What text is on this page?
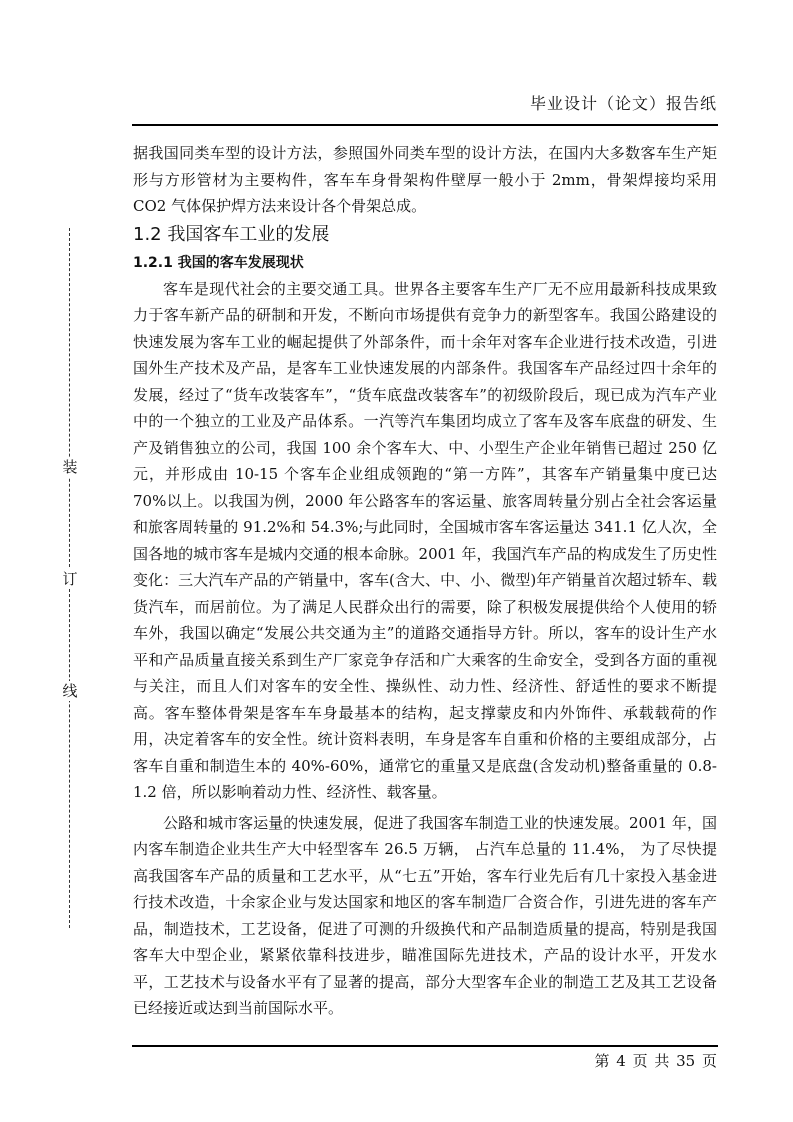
毕业设计（论文）报告纸
装
订
线

据我国同类车型的设计方法，参照国外同类车型的设计方法，在国内大多数客车生产矩形与方形管材为主要构件，客车车身骨架构件壁厚一般小于 2mm，骨架焊接均采用 CO2 气体保护焊方法来设计各个骨架总成。

1.2 我国客车工业的发展

1.2.1 我国的客车发展现状

客车是现代社会的主要交通工具。世界各主要客车生产厂无不应用最新科技成果致力于客车新产品的研制和开发，不断向市场提供有竞争力的新型客车。我国公路建设的快速发展为客车工业的崛起提供了外部条件，而十余年对客车企业进行技术改造，引进国外生产技术及产品，是客车工业快速发展的内部条件。我国客车产品经过四十余年的发展，经过了“货车改装客车”，“货车底盘改装客车”的初级阶段后，现已成为汽车产业中的一个独立的工业及产品体系。一汽等汽车集团均成立了客车及客车底盘的研发、生产及销售独立的公司，我国 100 余个客车大、中、小型生产企业年销售已超过 250 亿元，并形成由 10-15 个客车企业组成领跑的“第一方阵”，其客车产销量集中度已达 70%以上。以我国为例，2000 年公路客车的客运量、旅客周转量分别占全社会客运量和旅客周转量的 91.2%和 54.3%;与此同时，全国城市客车客运量达 341.1 亿人次，全国各地的城市客车是城内交通的根本命脉。2001 年，我国汽车产品的构成发生了历史性变化：三大汽车产品的产销量中，客车(含大、中、小、微型)年产销量首次超过轿车、载货汽车，而居前位。为了满足人民群众出行的需要，除了积极发展提供给个人使用的轿车外，我国以确定“发展公共交通为主”的道路交通指导方针。所以，客车的设计生产水平和产品质量直接关系到生产厂家竞争存活和广大乘客的生命安全，受到各方面的重视与关注，而且人们对客车的安全性、操纵性、动力性、经济性、舒适性的要求不断提高。客车整体骨架是客车车身最基本的结构，起支撑蒙皮和内外饰件、承载载荷的作用，决定着客车的安全性。统计资料表明，车身是客车自重和价格的主要组成部分，占客车自重和制造生本的 40%-60%，通常它的重量又是底盘(含发动机)整备重量的 0.8-1.2 倍，所以影响着动力性、经济性、载客量。

公路和城市客运量的快速发展，促进了我国客车制造工业的快速发展。2001 年，国内客车制造企业共生产大中轻型客车 26.5 万辆， 占汽车总量的 11.4%， 为了尽快提高我国客车产品的质量和工艺水平，从“七五”开始，客车行业先后有几十家投入基金进行技术改造，十余家企业与发达国家和地区的客车制造厂合资合作，引进先进的客车产品，制造技术，工艺设备，促进了可测的升级换代和产品制造质量的提高，特别是我国客车大中型企业，紧紧依靠科技进步，瞄准国际先进技术，产品的设计水平，开发水平，工艺技术与设备水平有了显著的提高，部分大型客车企业的制造工艺及其工艺设备已经接近或达到当前国际水平。

第 4 页 共 35 页
